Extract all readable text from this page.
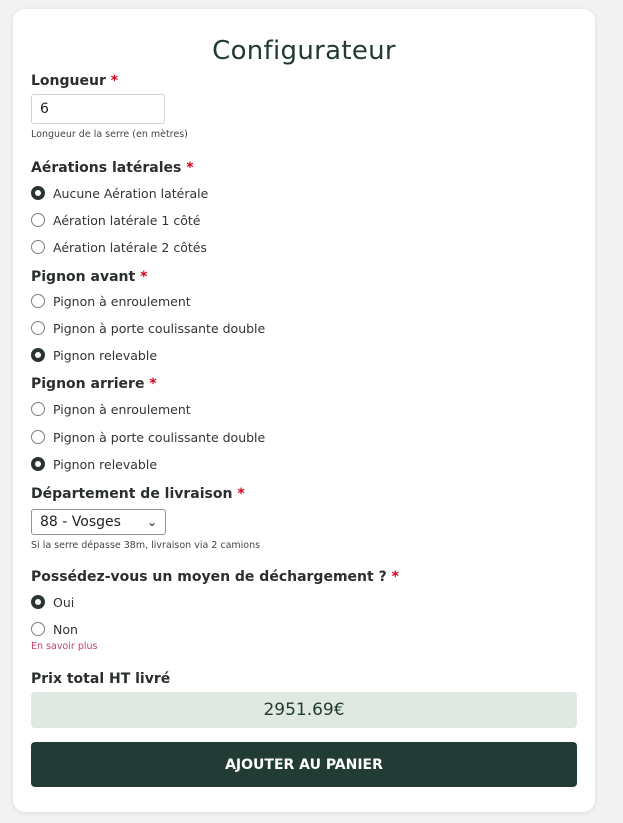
Configurateur
Longueur *
6
Longueur de la serre (en mètres)
Aérations latérales *
Aucune Aération latérale
Aération latérale 1 côté
Aération latérale 2 côtés
Pignon avant *
Pignon à enroulement
Pignon à porte coulissante double
Pignon relevable
Pignon arriere *
Pignon à enroulement
Pignon à porte coulissante double
Pignon relevable
Département de livraison *
88 - Vosges ⌄
Si la serre dépasse 38m, livraison via 2 camions
Possédez-vous un moyen de déchargement ? *
Oui
Non
En savoir plus
Prix total HT livré
2951.69€
AJOUTER AU PANIER
